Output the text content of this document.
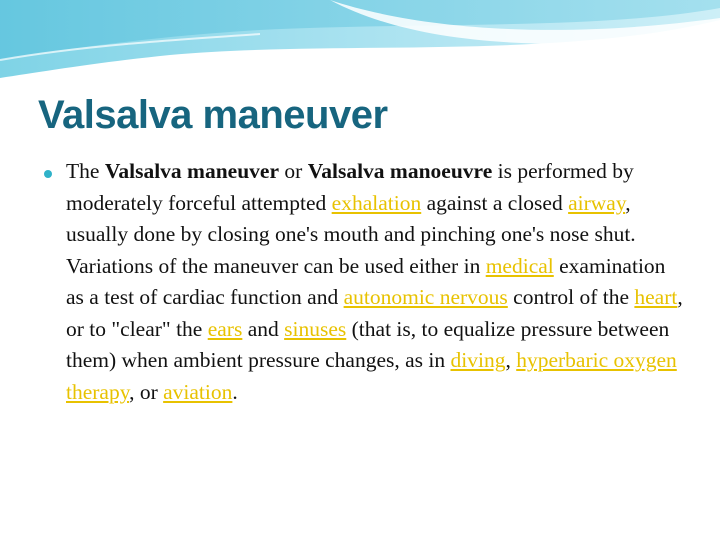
Valsalva maneuver
The Valsalva maneuver or Valsalva manoeuvre is performed by moderately forceful attempted exhalation against a closed airway, usually done by closing one's mouth and pinching one's nose shut. Variations of the maneuver can be used either in medical examination as a test of cardiac function and autonomic nervous control of the heart, or to "clear" the ears and sinuses (that is, to equalize pressure between them) when ambient pressure changes, as in diving, hyperbaric oxygen therapy, or aviation.
